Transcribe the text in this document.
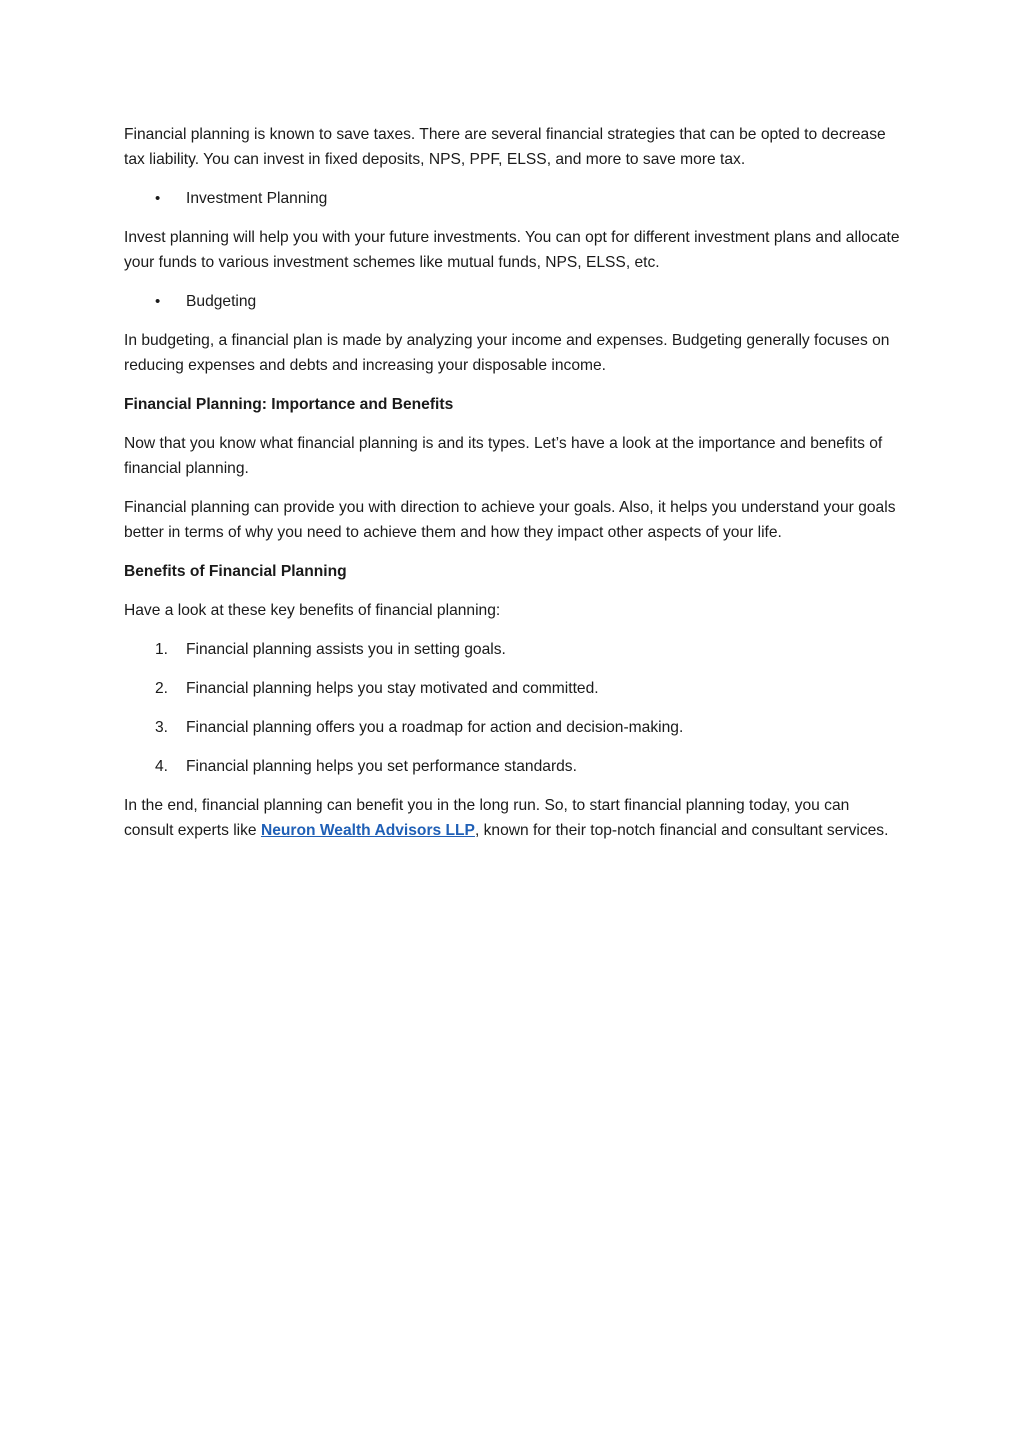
Financial planning is known to save taxes. There are several financial strategies that can be opted to decrease tax liability. You can invest in fixed deposits, NPS, PPF, ELSS, and more to save more tax.

• Investment Planning

Invest planning will help you with your future investments. You can opt for different investment plans and allocate your funds to various investment schemes like mutual funds, NPS, ELSS, etc.

• Budgeting

In budgeting, a financial plan is made by analyzing your income and expenses. Budgeting generally focuses on reducing expenses and debts and increasing your disposable income.

Financial Planning: Importance and Benefits

Now that you know what financial planning is and its types. Let’s have a look at the importance and benefits of financial planning.

Financial planning can provide you with direction to achieve your goals. Also, it helps you understand your goals better in terms of why you need to achieve them and how they impact other aspects of your life.

Benefits of Financial Planning

Have a look at these key benefits of financial planning:

1. Financial planning assists you in setting goals.
2. Financial planning helps you stay motivated and committed.
3. Financial planning offers you a roadmap for action and decision-making.
4. Financial planning helps you set performance standards.

In the end, financial planning can benefit you in the long run. So, to start financial planning today, you can consult experts like Neuron Wealth Advisors LLP, known for their top-notch financial and consultant services.
